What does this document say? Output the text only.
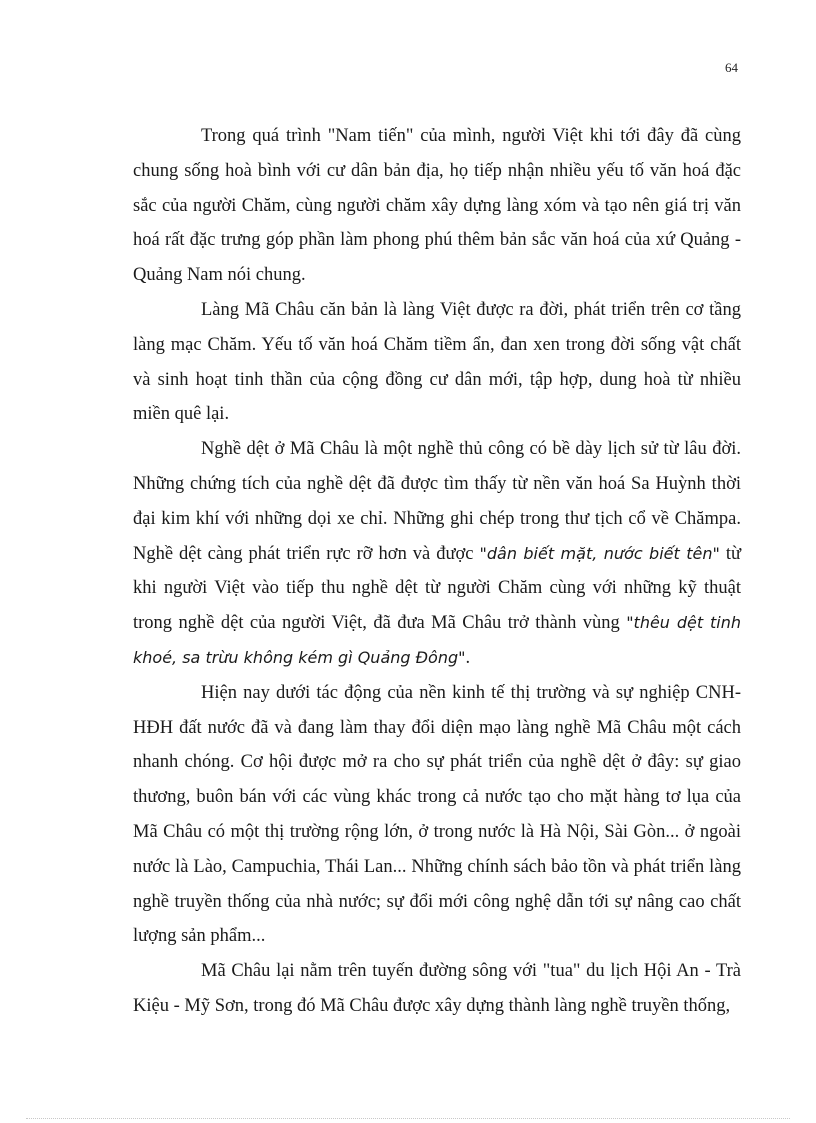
64

Trong quá trình "Nam tiến" của mình, người Việt khi tới đây đã cùng chung sống hoà bình với cư dân bản địa, họ tiếp nhận nhiều yếu tố văn hoá đặc sắc của người Chăm, cùng người chăm xây dựng làng xóm và tạo nên giá trị văn hoá rất đặc trưng góp phần làm phong phú thêm bản sắc văn hoá của xứ Quảng - Quảng Nam nói chung.

Làng Mã Châu căn bản là làng Việt được ra đời, phát triển trên cơ tầng làng mạc Chăm. Yếu tố văn hoá Chăm tiềm ẩn, đan xen trong đời sống vật chất và sinh hoạt tinh thần của cộng đồng cư dân mới, tập hợp, dung hoà từ nhiều miền quê lại.

Nghề dệt ở Mã Châu là một nghề thủ công có bề dày lịch sử từ lâu đời. Những chứng tích của nghề dệt đã được tìm thấy từ nền văn hoá Sa Huỳnh thời đại kim khí với những dọi xe chỉ. Những ghi chép trong thư tịch cổ về Chămpa. Nghề dệt càng phát triển rực rỡ hơn và được "dân biết mặt, nước biết tên" từ khi người Việt vào tiếp thu nghề dệt từ người Chăm cùng với những kỹ thuật trong nghề dệt của người Việt, đã đưa Mã Châu trở thành vùng "thêu dệt tinh khoé, sa trừu không kém gì Quảng Đông".

Hiện nay dưới tác động của nền kinh tế thị trường và sự nghiệp CNH-HĐH đất nước đã và đang làm thay đổi diện mạo làng nghề Mã Châu một cách nhanh chóng. Cơ hội được mở ra cho sự phát triển của nghề dệt ở đây: sự giao thương, buôn bán với các vùng khác trong cả nước tạo cho mặt hàng tơ lụa của Mã Châu có một thị trường rộng lớn, ở trong nước là Hà Nội, Sài Gòn... ở ngoài nước là Lào, Campuchia, Thái Lan... Những chính sách bảo tồn và phát triển làng nghề truyền thống của nhà nước; sự đổi mới công nghệ dẫn tới sự nâng cao chất lượng sản phẩm...

Mã Châu lại nằm trên tuyến đường sông với "tua" du lịch Hội An - Trà Kiệu - Mỹ Sơn, trong đó Mã Châu được xây dựng thành làng nghề truyền thống,
